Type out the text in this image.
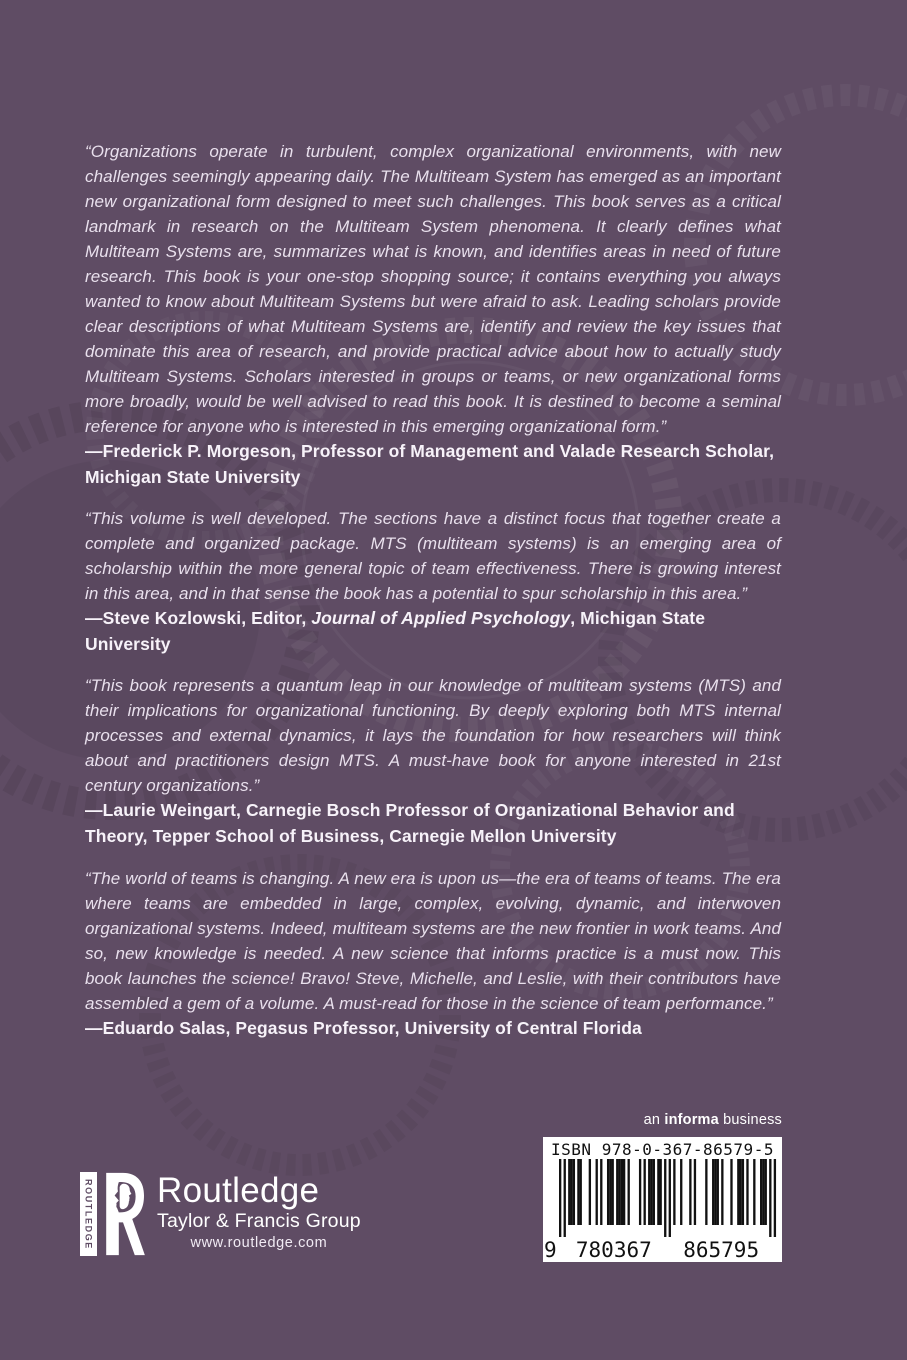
“Organizations operate in turbulent, complex organizational environments, with new challenges seemingly appearing daily. The Multiteam System has emerged as an important new organizational form designed to meet such challenges. This book serves as a critical landmark in research on the Multiteam System phenomena. It clearly defines what Multiteam Systems are, summarizes what is known, and identifies areas in need of future research. This book is your one-stop shopping source; it contains everything you always wanted to know about Multiteam Systems but were afraid to ask. Leading scholars provide clear descriptions of what Multiteam Systems are, identify and review the key issues that dominate this area of research, and provide practical advice about how to actually study Multiteam Systems. Scholars interested in groups or teams, or new organizational forms more broadly, would be well advised to read this book. It is destined to become a seminal reference for anyone who is interested in this emerging organizational form.”

—Frederick P. Morgeson, Professor of Management and Valade Research Scholar, Michigan State University

“This volume is well developed. The sections have a distinct focus that together create a complete and organized package. MTS (multiteam systems) is an emerging area of scholarship within the more general topic of team effectiveness. There is growing interest in this area, and in that sense the book has a potential to spur scholarship in this area.”

—Steve Kozlowski, Editor, Journal of Applied Psychology, Michigan State University

“This book represents a quantum leap in our knowledge of multiteam systems (MTS) and their implications for organizational functioning. By deeply exploring both MTS internal processes and external dynamics, it lays the foundation for how researchers will think about and practitioners design MTS. A must-have book for anyone interested in 21st century organizations.”

—Laurie Weingart, Carnegie Bosch Professor of Organizational Behavior and Theory, Tepper School of Business, Carnegie Mellon University

“The world of teams is changing. A new era is upon us—the era of teams of teams. The era where teams are embedded in large, complex, evolving, dynamic, and interwoven organizational systems. Indeed, multiteam systems are the new frontier in work teams. And so, new knowledge is needed. A new science that informs practice is a must now. This book launches the science! Bravo! Steve, Michelle, and Leslie, with their contributors have assembled a gem of a volume. A must-read for those in the science of team performance.”

—Eduardo Salas, Pegasus Professor, University of Central Florida

an informa business
ISBN 978-0-367-86579-5
9 780367 865795
ROUTLEDGE Routledge
Taylor & Francis Group
www.routledge.com
